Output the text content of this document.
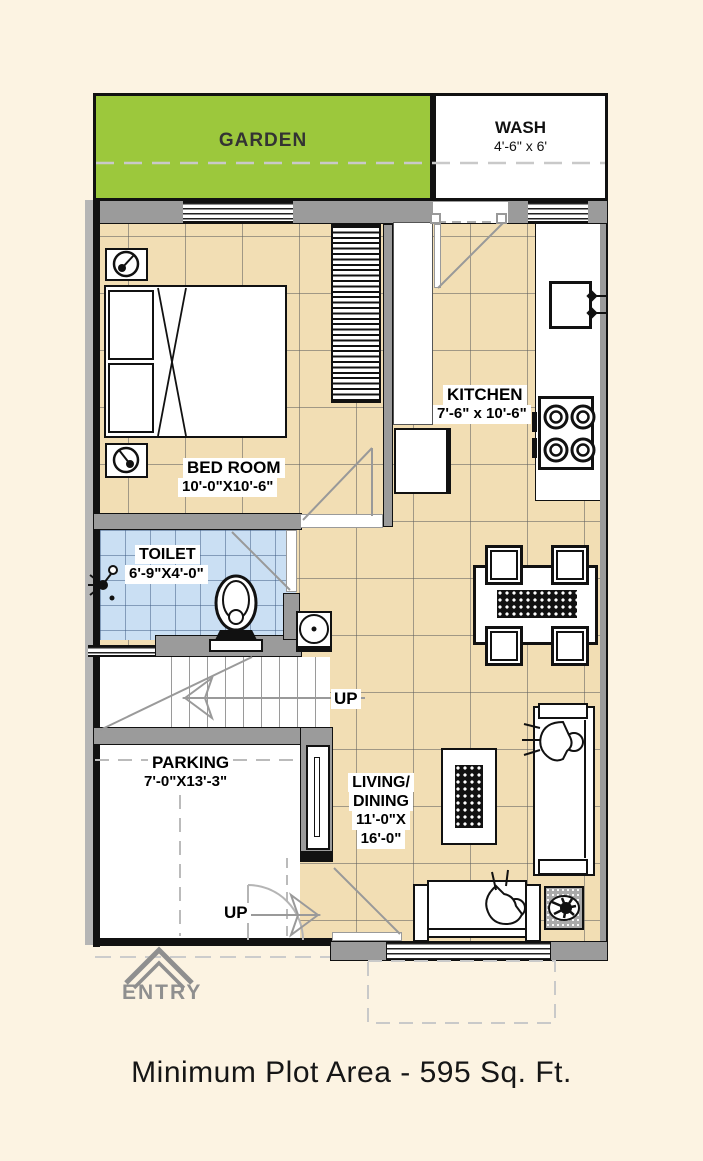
GARDEN
WASH
4'-6" x 6'
BED ROOM
10'-0"X10'-6"
KITCHEN
7'-6" x 10'-6"
TOILET
6'-9"X4'-0"
PARKING
7'-0"X13'-3"	LIVING/ DINING 11'-0"X 16'-0"
UP
UP
ENTRY
Minimum Plot Area - 595 Sq. Ft.
